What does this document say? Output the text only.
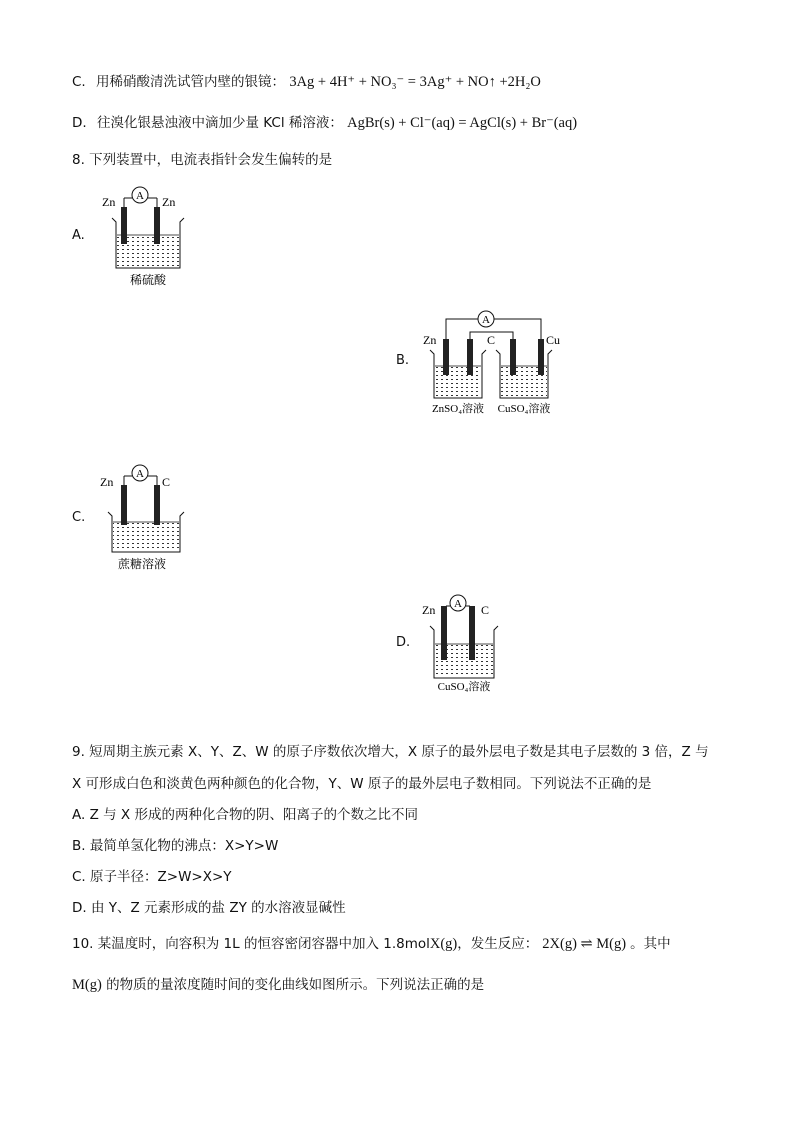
C. 用稀硝酸清洗试管内壁的银镜： 3Ag + 4H⁺ + NO₃⁻ = 3Ag⁺ + NO↑ +2H₂O
D. 往溴化银悬浊液中滴加少量 KCl 稀溶液： AgBr(s) + Cl⁻(aq) = AgCl(s) + Br⁻(aq)
8. 下列装置中，电流表指针会发生偏转的是
A.
A
Zn	Zn
稀硫酸
B.
A
Zn	C	Cu
ZnSO₄溶液 CuSO₄溶液
C.
A
Zn	C
蔗糖溶液
D.
A
Zn	C
CuSO₄溶液
9. 短周期主族元素 X、Y、Z、W 的原子序数依次增大，X 原子的最外层电子数是其电子层数的 3 倍，Z 与
X 可形成白色和淡黄色两种颜色的化合物，Y、W 原子的最外层电子数相同。下列说法不正确的是
A. Z 与 X 形成的两种化合物的阴、阳离子的个数之比不同
B. 最简单氢化物的沸点：X>Y>W
C. 原子半径：Z>W>X>Y
D. 由 Y、Z 元素形成的盐 ZY 的水溶液显碱性
10. 某温度时，向容积为 1L 的恒容密闭容器中加入 1.8molX(g)，发生反应： 2X(g) ⇌ M(g) 。其中
M(g) 的物质的量浓度随时间的变化曲线如图所示。下列说法正确的是
